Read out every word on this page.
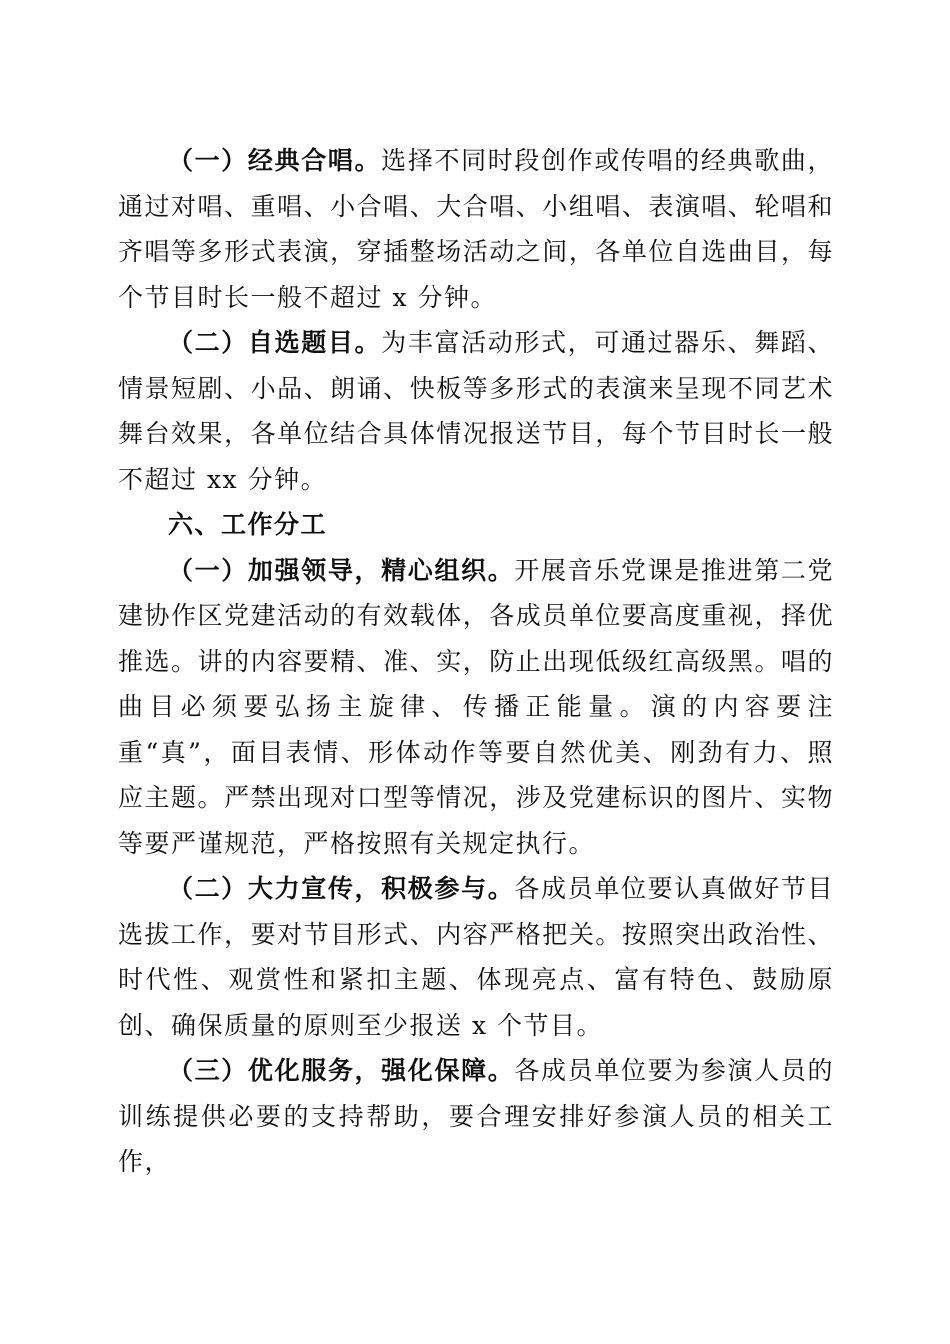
（一）经典合唱。选择不同时段创作或传唱的经典歌曲，通过对唱、重唱、小合唱、大合唱、小组唱、表演唱、轮唱和齐唱等多形式表演，穿插整场活动之间，各单位自选曲目，每个节目时长一般不超过 x 分钟。

（二）自选题目。为丰富活动形式，可通过器乐、舞蹈、情景短剧、小品、朗诵、快板等多形式的表演来呈现不同艺术舞台效果，各单位结合具体情况报送节目，每个节目时长一般不超过 xx 分钟。

六、工作分工

（一）加强领导，精心组织。开展音乐党课是推进第二党建协作区党建活动的有效载体，各成员单位要高度重视，择优推选。讲的内容要精、准、实，防止出现低级红高级黑。唱的曲目必须要弘扬主旋律、传播正能量。演的内容要注重“真”，面目表情、形体动作等要自然优美、刚劲有力、照应主题。严禁出现对口型等情况，涉及党建标识的图片、实物等要严谨规范，严格按照有关规定执行。

（二）大力宣传，积极参与。各成员单位要认真做好节目选拔工作，要对节目形式、内容严格把关。按照突出政治性、时代性、观赏性和紧扣主题、体现亮点、富有特色、鼓励原创、确保质量的原则至少报送 x 个节目。

（三）优化服务，强化保障。各成员单位要为参演人员的训练提供必要的支持帮助，要合理安排好参演人员的相关工作，
